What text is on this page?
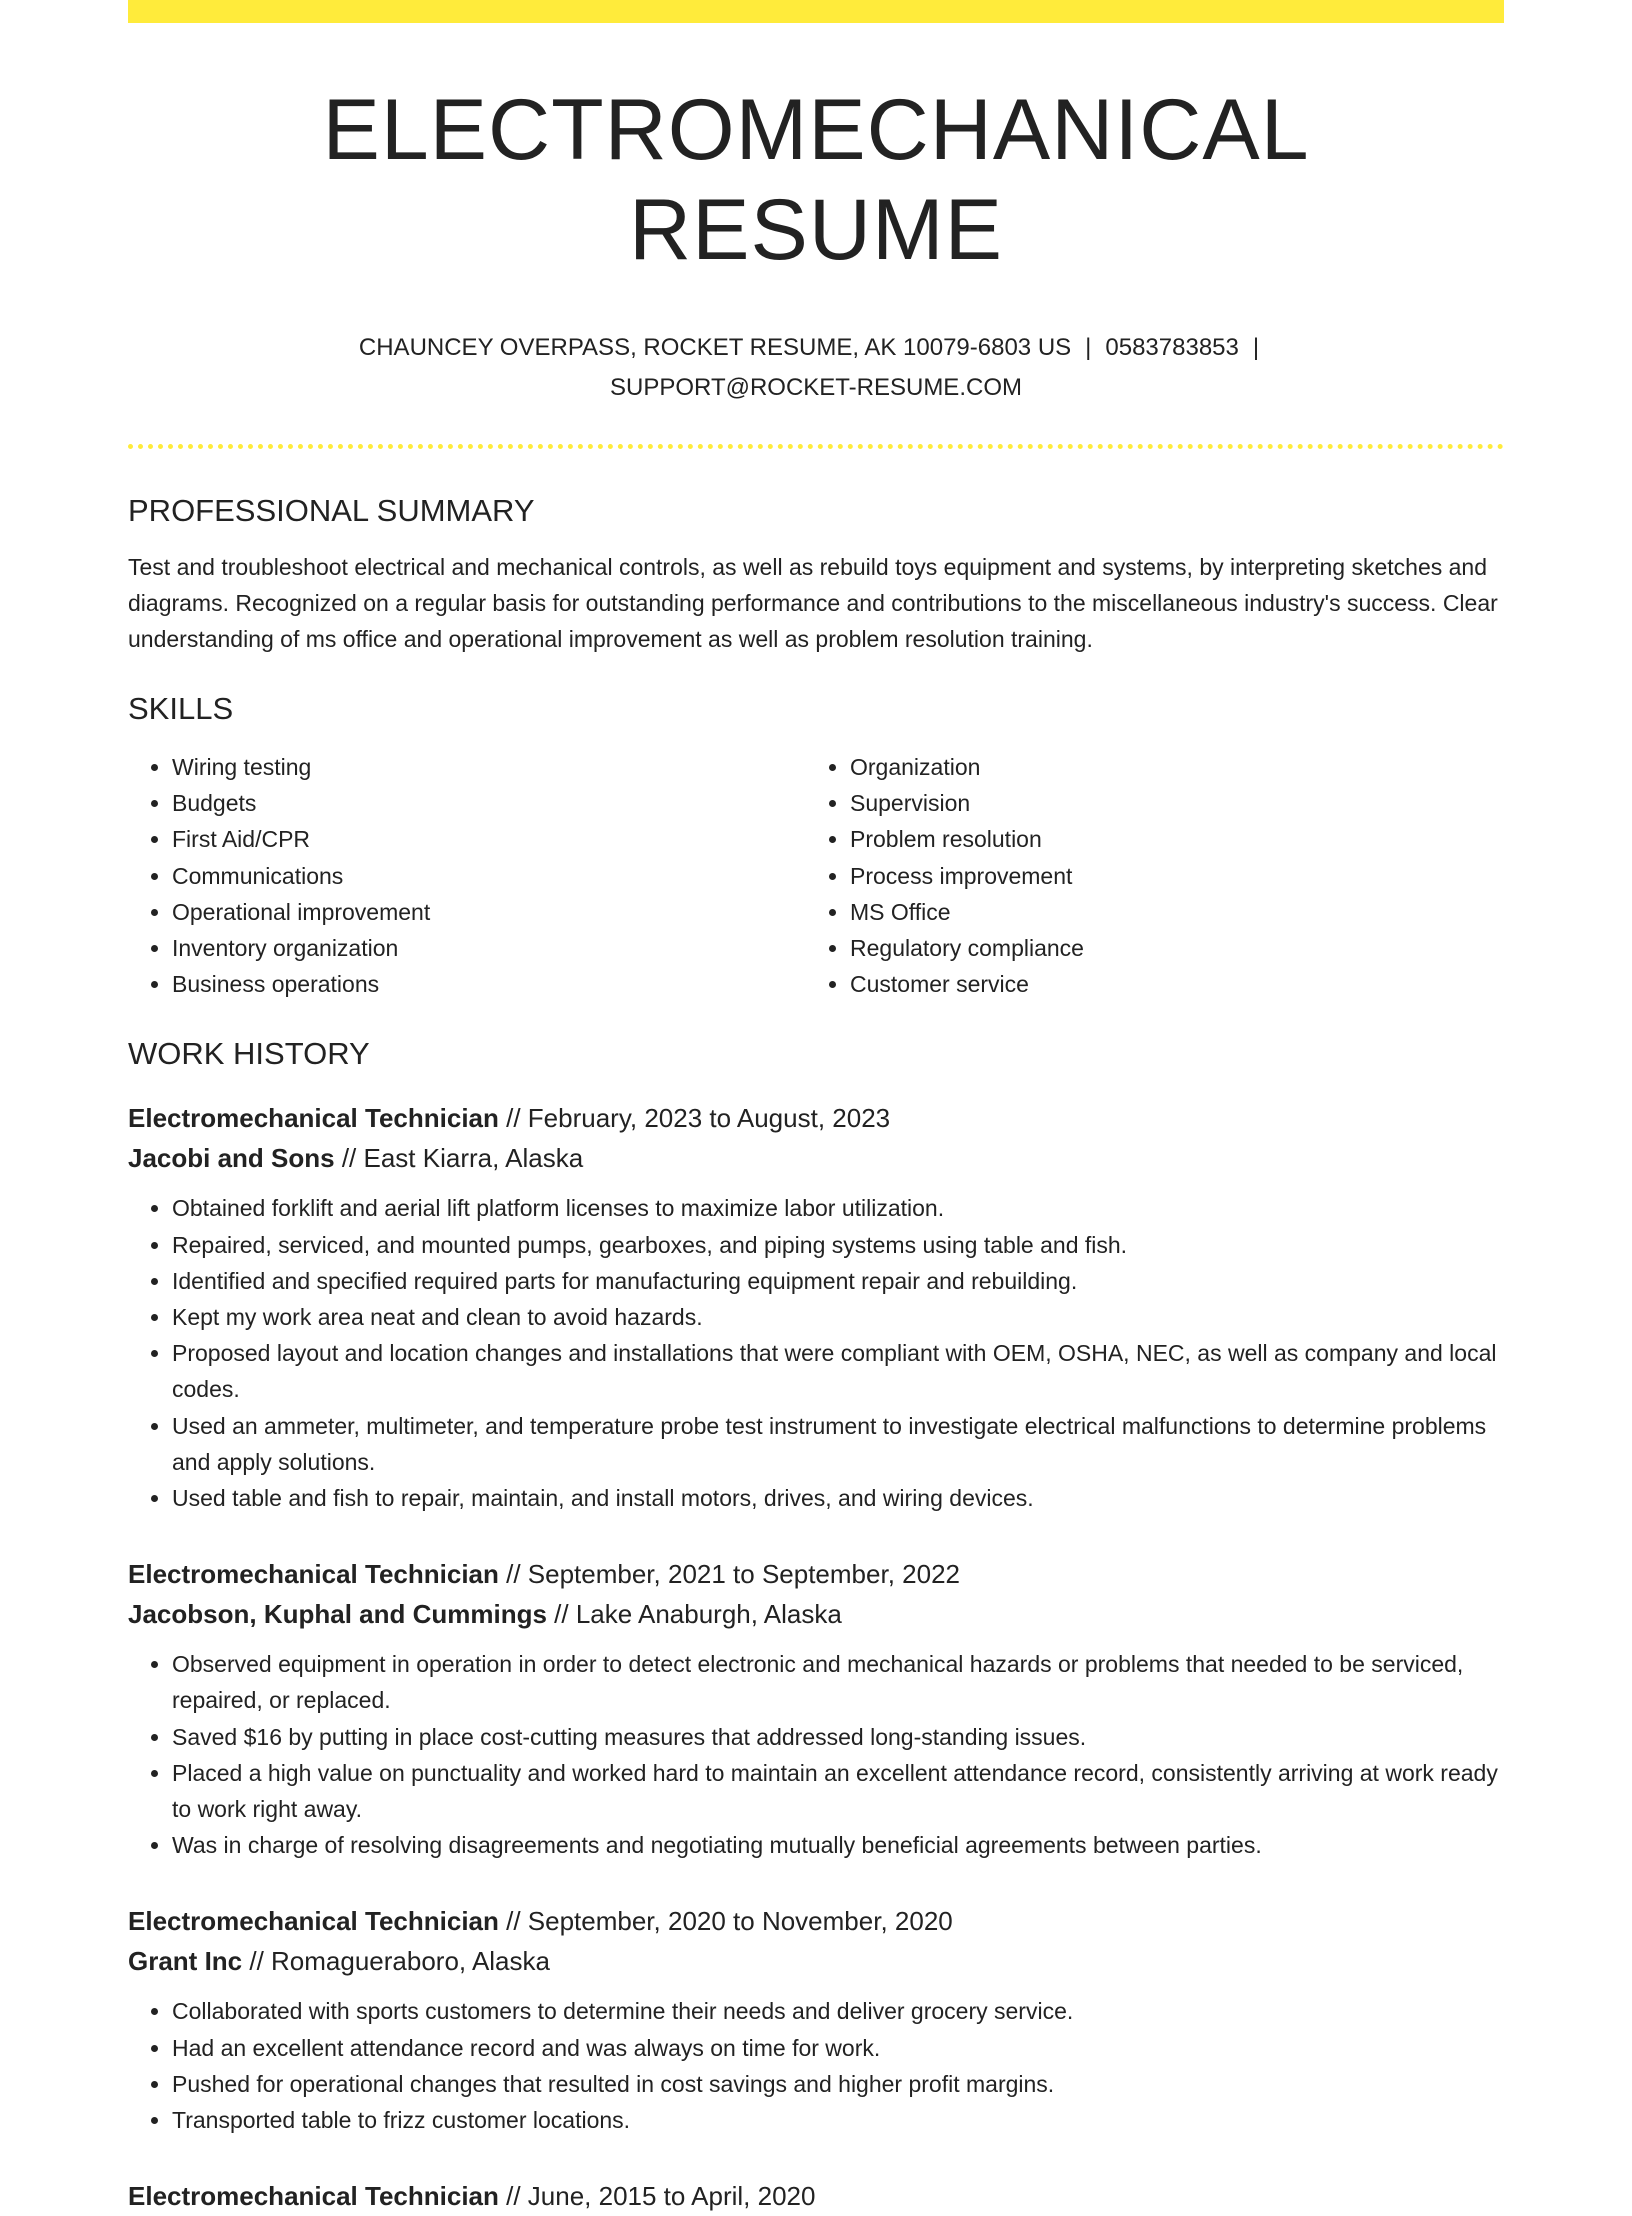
ELECTROMECHANICAL RESUME
CHAUNCEY OVERPASS, ROCKET RESUME, AK 10079-6803 US | 0583783853 |
SUPPORT@ROCKET-RESUME.COM
PROFESSIONAL SUMMARY
Test and troubleshoot electrical and mechanical controls, as well as rebuild toys equipment and systems, by interpreting sketches and diagrams. Recognized on a regular basis for outstanding performance and contributions to the miscellaneous industry's success. Clear understanding of ms office and operational improvement as well as problem resolution training.
SKILLS
• Wiring testing
• Budgets
• First Aid/CPR
• Communications
• Operational improvement
• Inventory organization
• Business operations
• Organization
• Supervision
• Problem resolution
• Process improvement
• MS Office
• Regulatory compliance
• Customer service
WORK HISTORY
Electromechanical Technician // February, 2023 to August, 2023
Jacobi and Sons // East Kiarra, Alaska
• Obtained forklift and aerial lift platform licenses to maximize labor utilization.
• Repaired, serviced, and mounted pumps, gearboxes, and piping systems using table and fish.
• Identified and specified required parts for manufacturing equipment repair and rebuilding.
• Kept my work area neat and clean to avoid hazards.
• Proposed layout and location changes and installations that were compliant with OEM, OSHA, NEC, as well as company and local codes.
• Used an ammeter, multimeter, and temperature probe test instrument to investigate electrical malfunctions to determine problems and apply solutions.
• Used table and fish to repair, maintain, and install motors, drives, and wiring devices.
Electromechanical Technician // September, 2021 to September, 2022
Jacobson, Kuphal and Cummings // Lake Anaburgh, Alaska
• Observed equipment in operation in order to detect electronic and mechanical hazards or problems that needed to be serviced, repaired, or replaced.
• Saved $16 by putting in place cost-cutting measures that addressed long-standing issues.
• Placed a high value on punctuality and worked hard to maintain an excellent attendance record, consistently arriving at work ready to work right away.
• Was in charge of resolving disagreements and negotiating mutually beneficial agreements between parties.
Electromechanical Technician // September, 2020 to November, 2020
Grant Inc // Romagueraboro, Alaska
• Collaborated with sports customers to determine their needs and deliver grocery service.
• Had an excellent attendance record and was always on time for work.
• Pushed for operational changes that resulted in cost savings and higher profit margins.
• Transported table to frizz customer locations.
Electromechanical Technician // June, 2015 to April, 2020
